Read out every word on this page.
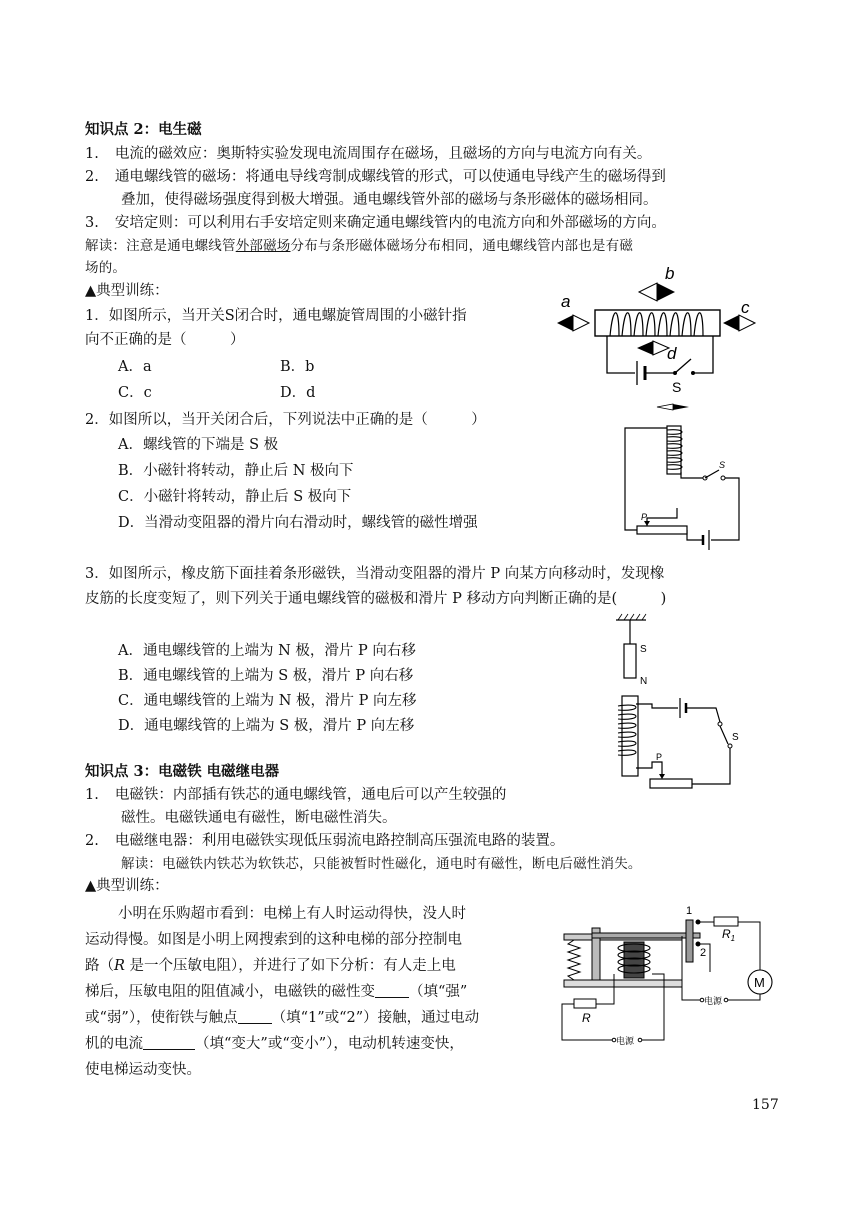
知识点 2：电生磁
1. 电流的磁效应：奥斯特实验发现电流周围存在磁场，且磁场的方向与电流方向有关。
2. 通电螺线管的磁场：将通电导线弯制成螺线管的形式，可以使通电导线产生的磁场得到
叠加，使得磁场强度得到极大增强。通电螺线管外部的磁场与条形磁体的磁场相同。
3. 安培定则：可以利用右手安培定则来确定通电螺线管内的电流方向和外部磁场的方向。
解读：注意是通电螺线管外部磁场分布与条形磁体磁场分布相同，通电螺线管内部也是有磁
场的。
▲典型训练：
1．如图所示，当开关S闭合时，通电螺旋管周围的小磁针指
向不正确的是（　　　）
A．a	B．b
C．c	D．d
a
b
c
d
S
2．如图所以，当开关闭合后，下列说法中正确的是（　　　）
A．螺线管的下端是 S 极
B．小磁针将转动，静止后 N 极向下
C．小磁针将转动，静止后 S 极向下
D．当滑动变阻器的滑片向右滑动时，螺线管的磁性增强
S
P
3．如图所示，橡皮筋下面挂着条形磁铁，当滑动变阻器的滑片 P 向某方向移动时，发现橡
皮筋的长度变短了，则下列关于通电螺线管的磁极和滑片 P 移动方向判断正确的是(　　　)
A．通电螺线管的上端为 N 极，滑片 P 向右移
B．通电螺线管的上端为 S 极，滑片 P 向右移
C．通电螺线管的上端为 N 极，滑片 P 向左移
D．通电螺线管的上端为 S 极，滑片 P 向左移
S
N
S
P
知识点 3：电磁铁 电磁继电器
1. 电磁铁：内部插有铁芯的通电螺线管，通电后可以产生较强的
磁性。电磁铁通电有磁性，断电磁性消失。
2. 电磁继电器：利用电磁铁实现低压弱流电路控制高压强流电路的装置。
解读：电磁铁内铁芯为软铁芯，只能被暂时性磁化，通电时有磁性，断电后磁性消失。
▲典型训练：
小明在乐购超市看到：电梯上有人时运动得快，没人时
运动得慢。如图是小明上网搜索到的这种电梯的部分控制电
路（R 是一个压敏电阻），并进行了如下分析：有人走上电
梯后，压敏电阻的阻值减小，电磁铁的磁性变 （填“强”
或“弱”），使衔铁与触点 （填“1”或“2”）接触，通过电动
机的电流	（填“变大”或“变小”），电动机转速变快，
使电梯运动变快。
1
2
$R_1$
M
电源
R
电源
157
